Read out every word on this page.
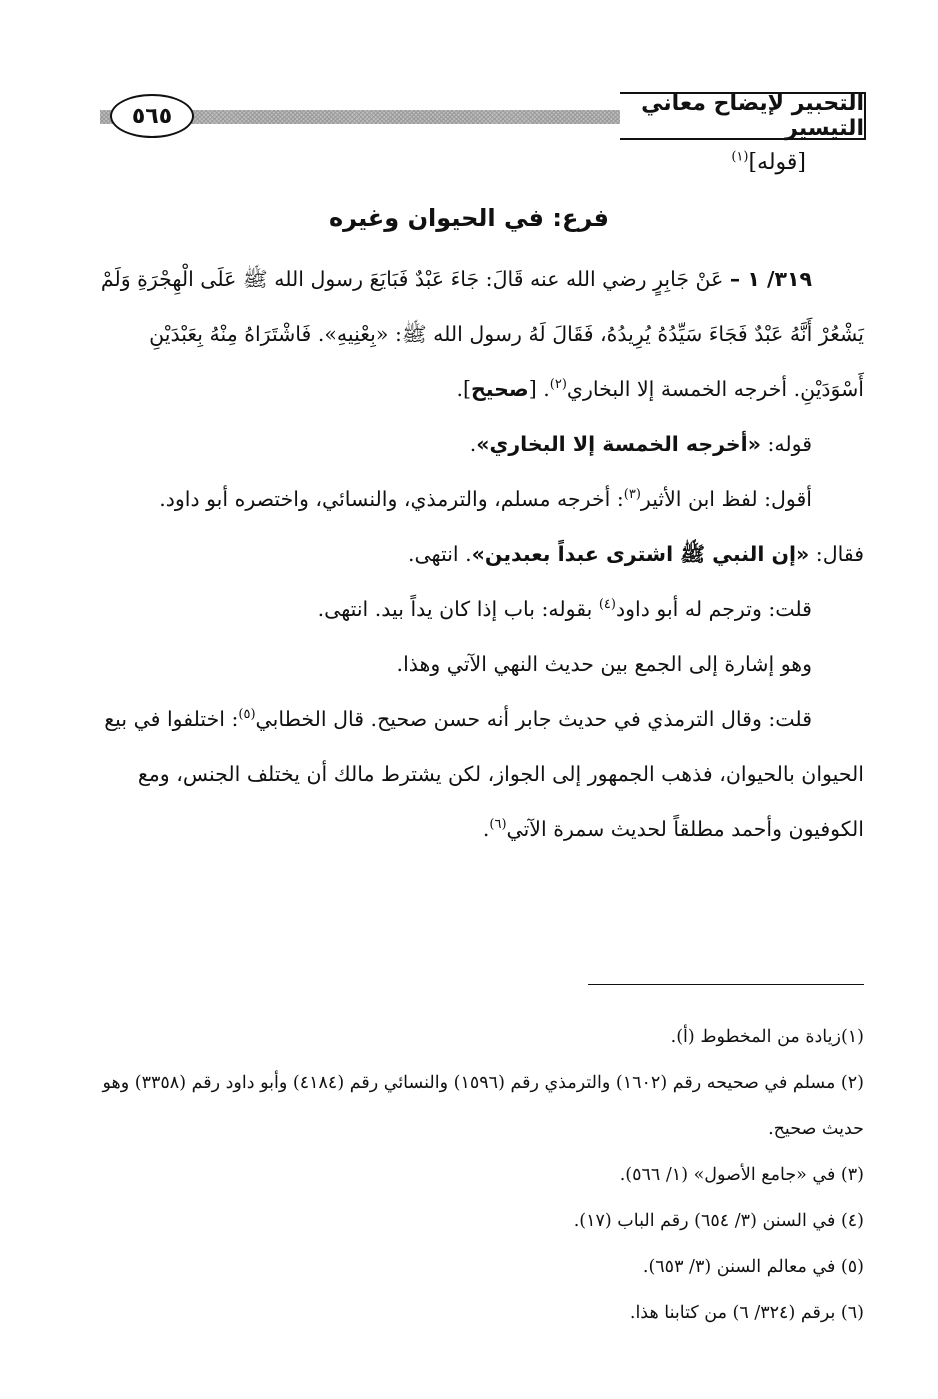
٥٦٥	التحبير لإيضاح معاني التيسير
[قوله]$^{(١)}$
فرع: في الحيوان وغيره

٣١٩/ ١ – عَنْ جَابِرٍ رضي الله عنه قَالَ: جَاءَ عَبْدٌ فَبَايَعَ رسول الله ﷺ عَلَى الْهِجْرَةِ وَلَمْ يَشْعُرْ أَنَّهُ عَبْدٌ فَجَاءَ سَيِّدُهُ يُرِيدُهُ، فَقَالَ لَهُ رسول الله ﷺ: «بِعْنِيهِ». فَاشْتَرَاهُ مِنْهُ بِعَبْدَيْنِ أَسْوَدَيْنِ. أخرجه الخمسة إلا البخاري$^{(٢)}$. [صحيح].

قوله: «أخرجه الخمسة إلا البخاري».

أقول: لفظ ابن الأثير$^{(٣)}$: أخرجه مسلم، والترمذي، والنسائي، واختصره أبو داود.

فقال: «إن النبي ﷺ اشترى عبداً بعبدين». انتهى.

قلت: وترجم له أبو داود$^{(٤)}$ بقوله: باب إذا كان يداً بيد. انتهى.

وهو إشارة إلى الجمع بين حديث النهي الآتي وهذا.

قلت: وقال الترمذي في حديث جابر أنه حسن صحيح. قال الخطابي$^{(٥)}$: اختلفوا في بيع الحيوان بالحيوان، فذهب الجمهور إلى الجواز، لكن يشترط مالك أن يختلف الجنس، ومع الكوفيون وأحمد مطلقاً لحديث سمرة الآتي$^{(٦)}$.

(١)زيادة من المخطوط (أ).

(٢) مسلم في صحيحه رقم (١٦٠٢) والترمذي رقم (١٥٩٦) والنسائي رقم (٤١٨٤) وأبو داود رقم (٣٣٥٨) وهو حديث صحيح.

(٣) في «جامع الأصول» (١/ ٥٦٦).

(٤) في السنن (٣/ ٦٥٤) رقم الباب (١٧).

(٥) في معالم السنن (٣/ ٦٥٣).

(٦) برقم (٣٢٤/ ٦) من كتابنا هذا.
